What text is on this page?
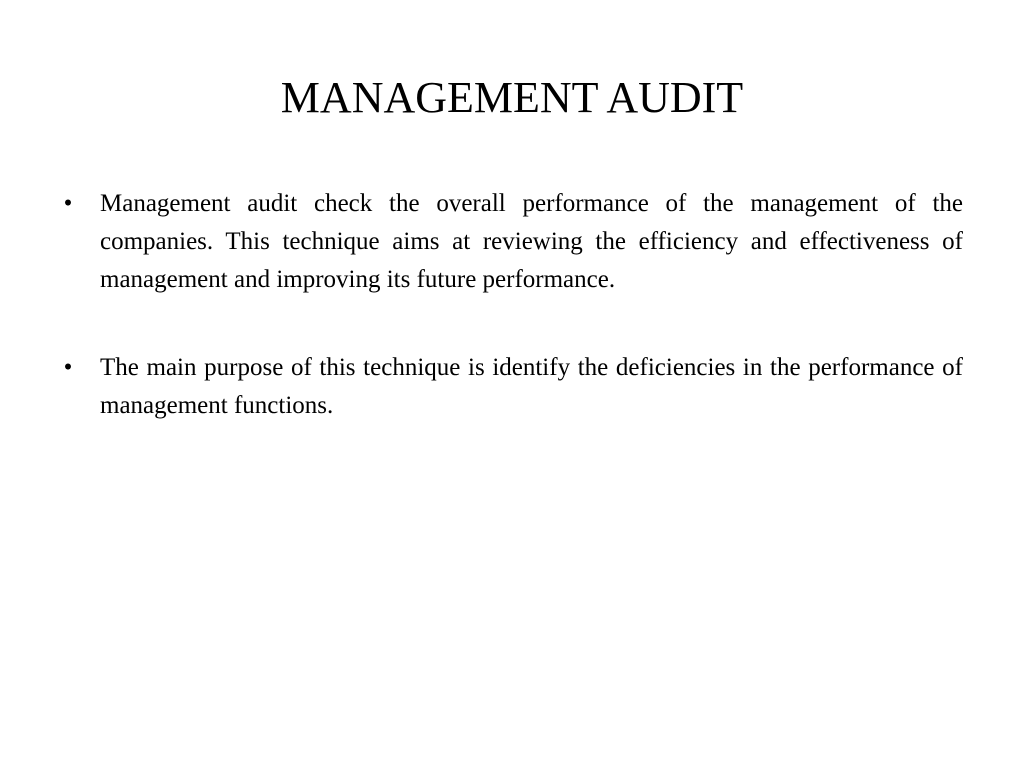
MANAGEMENT AUDIT
• Management audit check the overall performance of the management of the companies. This technique aims at reviewing the efficiency and effectiveness of management and improving its future performance.
• The main purpose of this technique is identify the deficiencies in the performance of management functions.
